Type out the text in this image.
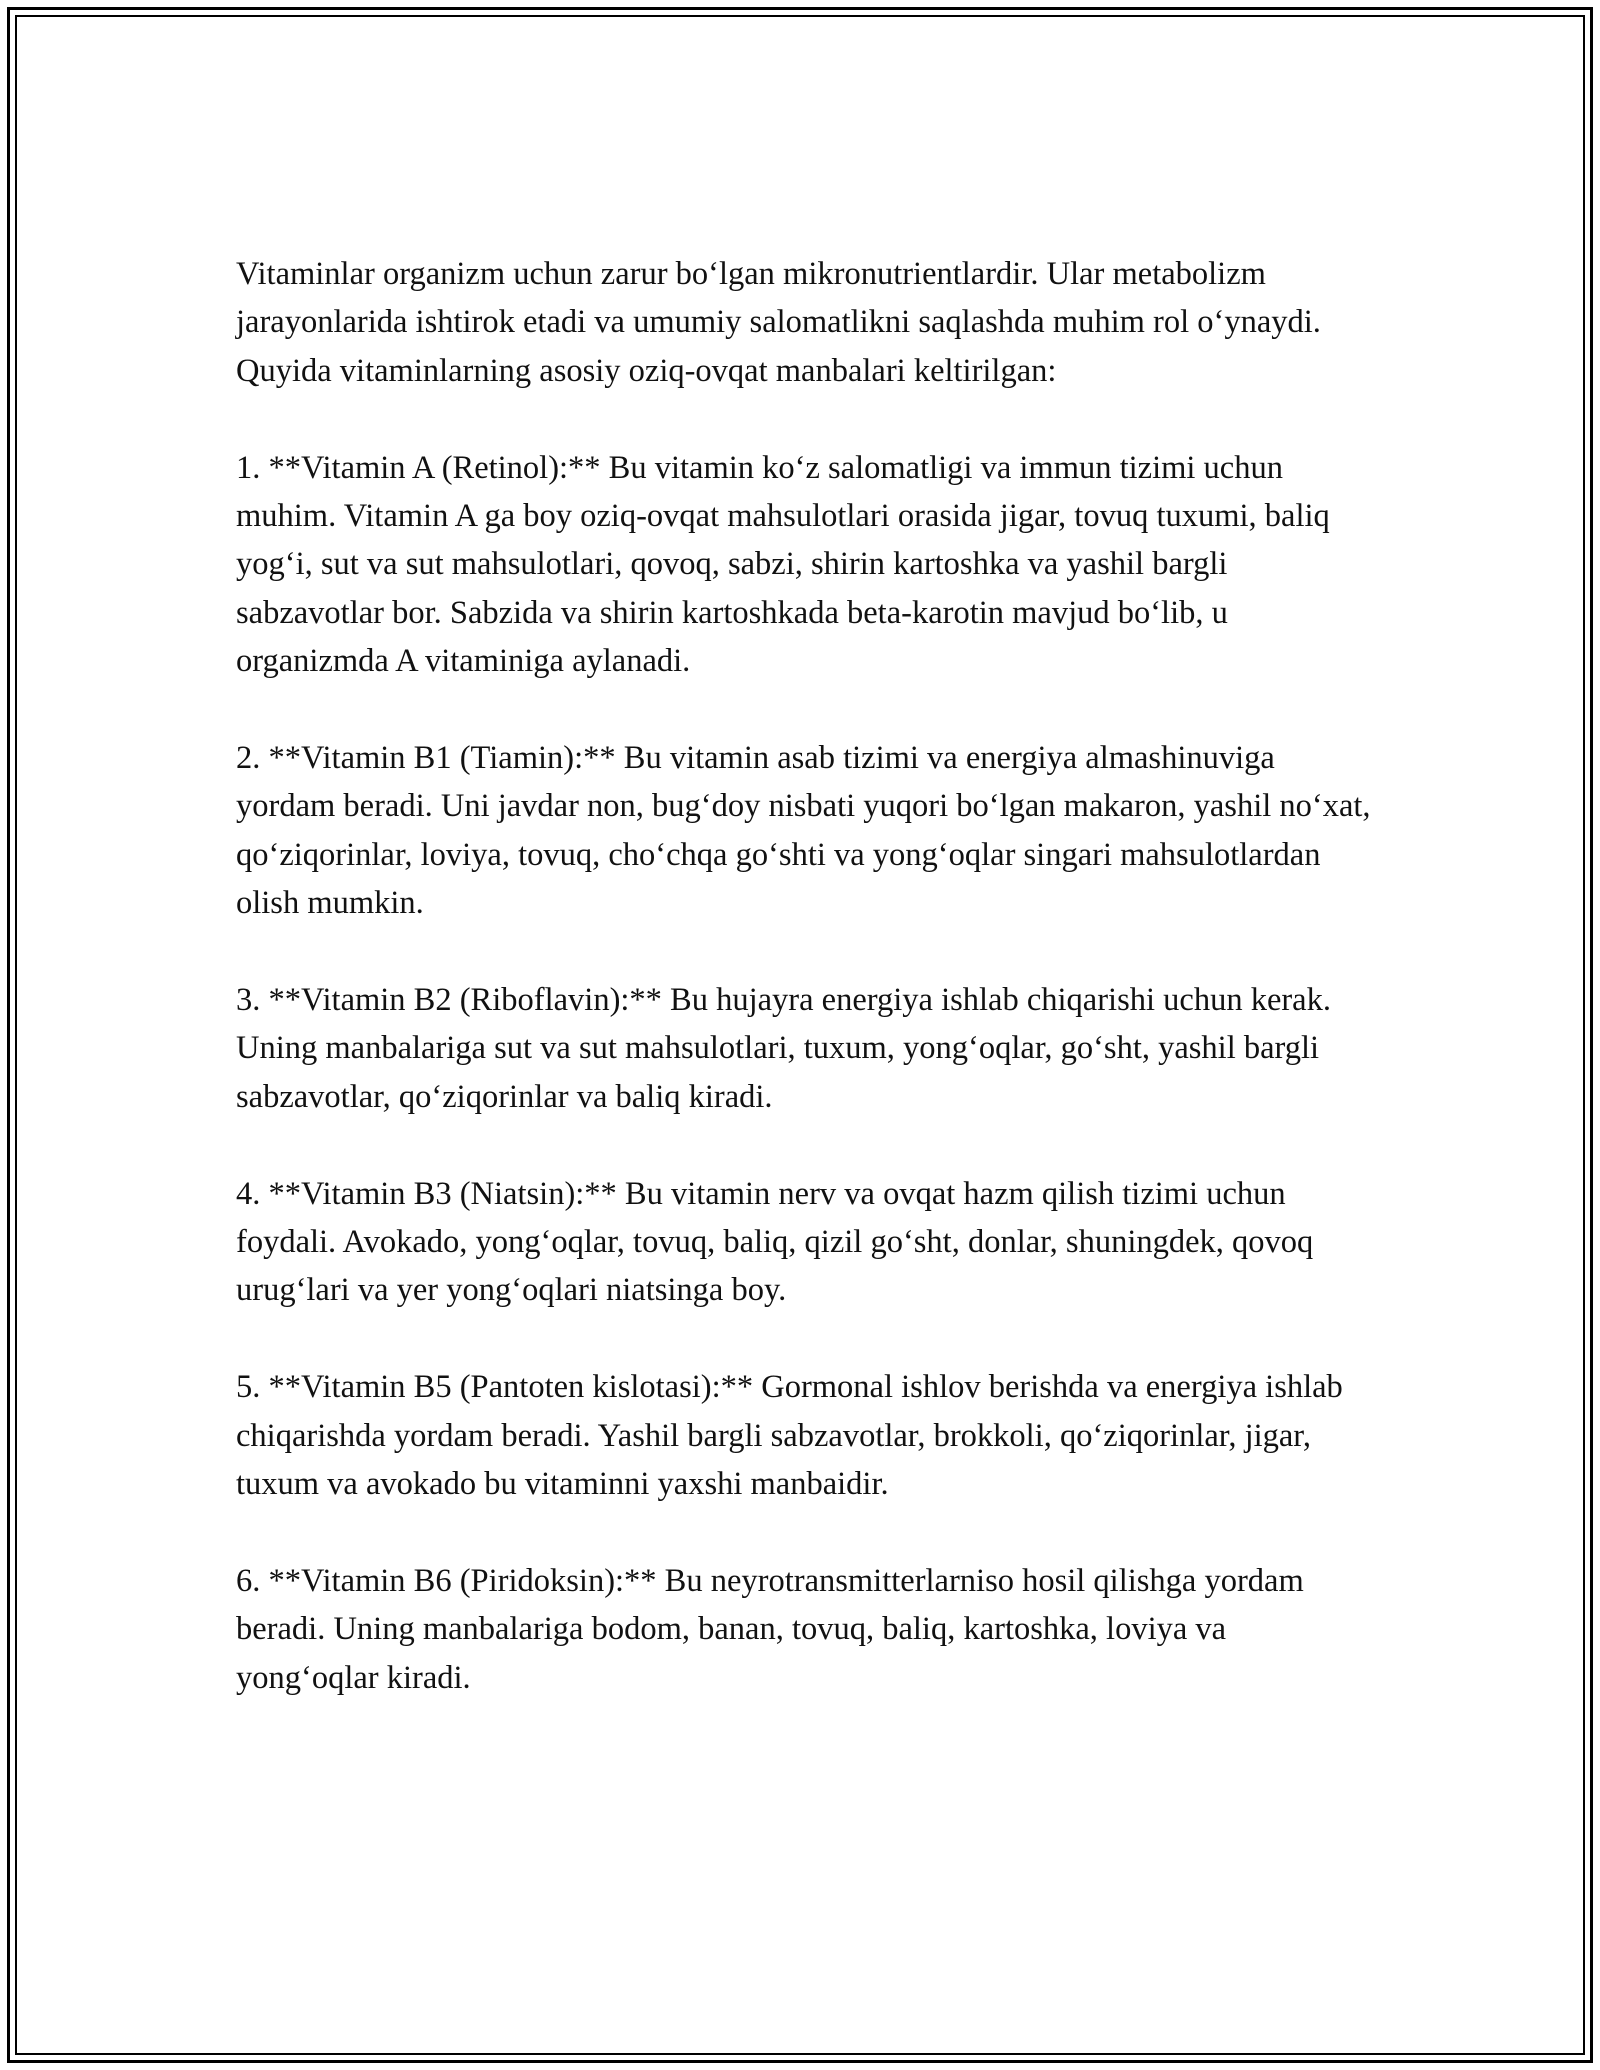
Vitaminlar organizm uchun zarur bo‘lgan mikronutrientlardir. Ular metabolizm jarayonlarida ishtirok etadi va umumiy salomatlikni saqlashda muhim rol o‘ynaydi. Quyida vitaminlarning asosiy oziq-ovqat manbalari keltirilgan:

1. **Vitamin A (Retinol):** Bu vitamin ko‘z salomatligi va immun tizimi uchun muhim. Vitamin A ga boy oziq-ovqat mahsulotlari orasida jigar, tovuq tuxumi, baliq yog‘i, sut va sut mahsulotlari, qovoq, sabzi, shirin kartoshka va yashil bargli sabzavotlar bor. Sabzida va shirin kartoshkada beta-karotin mavjud bo‘lib, u organizmda A vitaminiga aylanadi.

2. **Vitamin B1 (Tiamin):** Bu vitamin asab tizimi va energiya almashinuviga yordam beradi. Uni javdar non, bug‘doy nisbati yuqori bo‘lgan makaron, yashil no‘xat, qo‘ziqorinlar, loviya, tovuq, cho‘chqa go‘shti va yong‘oqlar singari mahsulotlardan olish mumkin.

3. **Vitamin B2 (Riboflavin):** Bu hujayra energiya ishlab chiqarishi uchun kerak. Uning manbalariga sut va sut mahsulotlari, tuxum, yong‘oqlar, go‘sht, yashil bargli sabzavotlar, qo‘ziqorinlar va baliq kiradi.

4. **Vitamin B3 (Niatsin):** Bu vitamin nerv va ovqat hazm qilish tizimi uchun foydali. Avokado, yong‘oqlar, tovuq, baliq, qizil go‘sht, donlar, shuningdek, qovoq urug‘lari va yer yong‘oqlari niatsinga boy.

5. **Vitamin B5 (Pantoten kislotasi):** Gormonal ishlov berishda va energiya ishlab chiqarishda yordam beradi. Yashil bargli sabzavotlar, brokkoli, qo‘ziqorinlar, jigar, tuxum va avokado bu vitaminni yaxshi manbaidir.

6. **Vitamin B6 (Piridoksin):** Bu neyrotransmitterlarniso hosil qilishga yordam beradi. Uning manbalariga bodom, banan, tovuq, baliq, kartoshka, loviya va yong‘oqlar kiradi.
